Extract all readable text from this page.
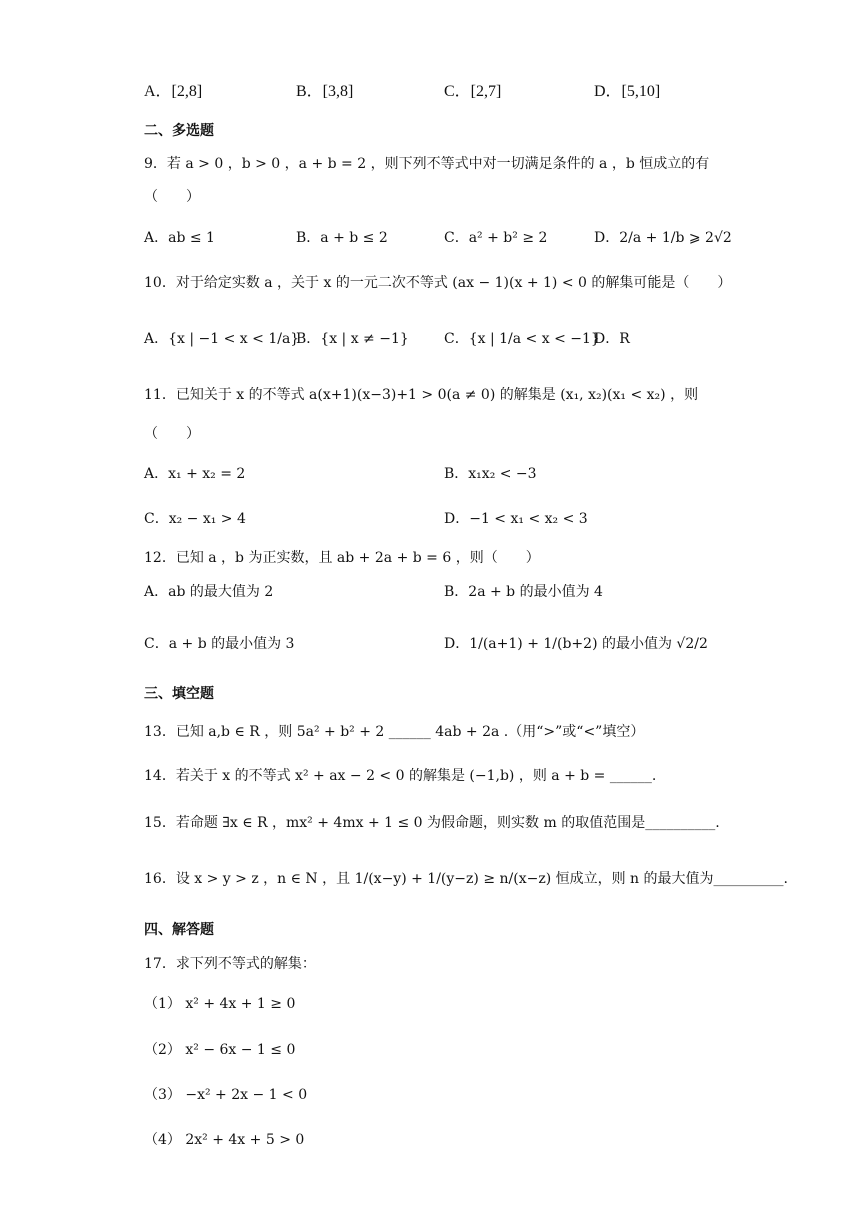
A．[2,8]	B．[3,8]	C．[2,7]	D．[5,10]
二、多选题
9．若 a > 0 ，b > 0 ，a + b = 2 ，则下列不等式中对一切满足条件的 a ，b 恒成立的有
（　　）
A．ab ≤ 1	B．a + b ≤ 2	C．a² + b² ≥ 2	D．2/a + 1/b ⩾ 2√2
10．对于给定实数 a ，关于 x 的一元二次不等式 (ax − 1)(x + 1) < 0 的解集可能是（　　）
A．{x | −1 < x < 1/a}
B．{x | x ≠ −1}	C．{x | 1/a < x < −1}
D．R
11．已知关于 x 的不等式 a(x+1)(x−3)+1 > 0(a ≠ 0) 的解集是 (x₁, x₂)(x₁ < x₂) ，则
（　　）
A．x₁ + x₂ = 2	B．x₁x₂ < −3
C．x₂ − x₁ > 4	D．−1 < x₁ < x₂ < 3
12．已知 a ，b 为正实数，且 ab + 2a + b = 6 ，则（　　）
A．ab 的最大值为 2	B．2a + b 的最小值为 4
C．a + b 的最小值为 3	D．1/(a+1) + 1/(b+2) 的最小值为 √2/2
三、填空题
13．已知 a,b ∈ R ，则 5a² + b² + 2 ______ 4ab + 2a .（用“>”或“<”填空）
14．若关于 x 的不等式 x² + ax − 2 < 0 的解集是 (−1,b) ，则 a + b = ______.
15．若命题 ∃x ∈ R ，mx² + 4mx + 1 ≤ 0 为假命题，则实数 m 的取值范围是__________.
16．设 x > y > z ，n ∈ N ，且 1/(x−y) + 1/(y−z) ≥ n/(x−z) 恒成立，则 n 的最大值为__________.
四、解答题
17．求下列不等式的解集：
（1） x² + 4x + 1 ≥ 0
（2） x² − 6x − 1 ≤ 0
（3） −x² + 2x − 1 < 0
（4） 2x² + 4x + 5 > 0
